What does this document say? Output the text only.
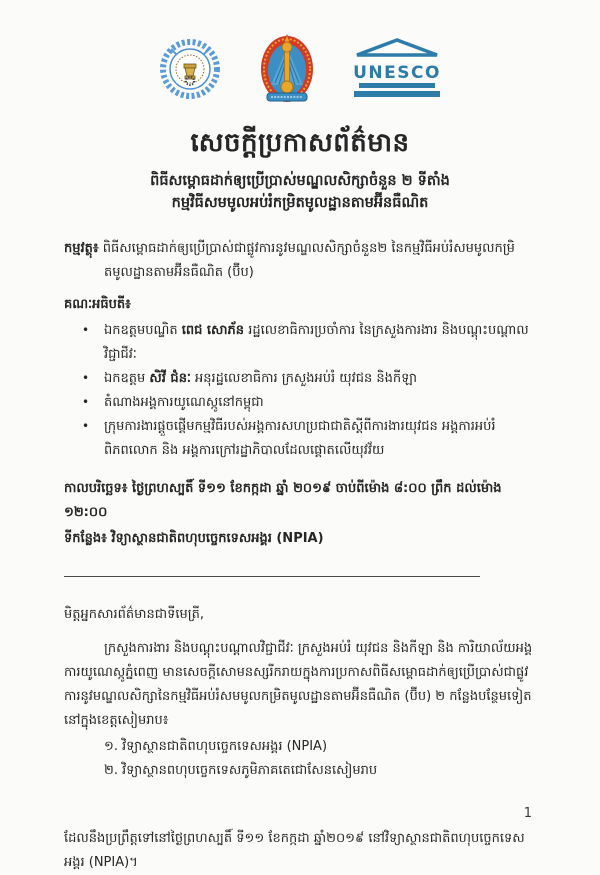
UNESCO
សេចក្តីប្រកាសព័ត៌មាន
ពិធីសម្ពោធដាក់ឲ្យប្រើប្រាស់មណ្ឌលសិក្សាចំនួន ២ ទីតាំង
កម្មវិធីសមមូលអប់រំកម្រិតមូលដ្ឋានតាមអ៊ីនធឺណិត
កម្មវត្ថុ៖ ពិធីសម្ពោធដាក់ឲ្យប្រើប្រាស់ជាផ្លូវការនូវមណ្ឌលសិក្សាចំនួន២ នៃកម្មវិធីអប់រំសមមូលកម្រិតមូលដ្ឋានតាមអ៊ីនធឺណិត (ប៊ីប)
គណៈអធិបតី៖
•	ឯកឧត្តមបណ្ឌិត ពេជ សោភ័ន រដ្ឋលេខាធិការប្រចាំការ នៃក្រសួងការងារ និងបណ្តុះបណ្តាលវិជ្ជាជីវៈ
•	ឯកឧត្តម សិវី ជំនៈ អនុរដ្ឋលេខាធិការ ក្រសួងអប់រំ យុវជន និងកីឡា
•	តំណាងអង្គការយូណេស្កូនៅកម្ពុជា
•	ក្រុមការងារផ្តួចផ្តើមកម្មវិធីរបស់អង្គការសហប្រជាជាតិស្តីពីការងារយុវជន អង្គការអប់រំពិភពលោក និង អង្គការក្រៅរដ្ឋាភិបាលដែលផ្តោតលើយុវវ័យ
កាលបរិច្ឆេទ៖ ថ្ងៃព្រហស្បតិ៍ ទី១១ ខែកក្កដា ឆ្នាំ ២០១៩ ចាប់ពីម៉ោង ៨:០០ ព្រឹក ដល់ម៉ោង ១២:០០
ទីកន្លែង៖ វិទ្យាស្ថានជាតិពហុបច្ចេកទេសអង្គរ (NPIA)
មិត្តអ្នកសារព័ត៌មានជាទីមេត្រី,
ក្រសួងការងារ និងបណ្តុះបណ្តាលវិជ្ជាជីវៈ ក្រសួងអប់រំ យុវជន និងកីឡា និង ការិយាល័យអង្គការយូណេស្កូភ្នំពេញ មានសេចក្តីសោមនស្សរីករាយក្នុងការប្រកាសពិធីសម្ពោធដាក់ឲ្យប្រើប្រាស់ជាផ្លូវការនូវមណ្ឌលសិក្សានៃកម្មវិធីអប់រំសមមូលកម្រិតមូលដ្ឋានតាមអ៊ីនធឺណិត (ប៊ីប) ២ កន្លែងបន្ថែមទៀតនៅក្នុងខេត្តសៀមរាប៖
១. វិទ្យាស្ថានជាតិពហុបច្ចេកទេសអង្គរ (NPIA)
២. វិទ្យាស្ថានពហុបច្ចេកទេសភូមិភាគតេជោសែនសៀមរាប
ដែលនឹងប្រព្រឹត្តទៅនៅថ្ងៃព្រហស្បតិ៍ ទី១១ ខែកក្កដា ឆ្នាំ២០១៩ នៅវិទ្យាស្ថានជាតិពហុបច្ចេកទេសអង្គរ (NPIA)។
1
